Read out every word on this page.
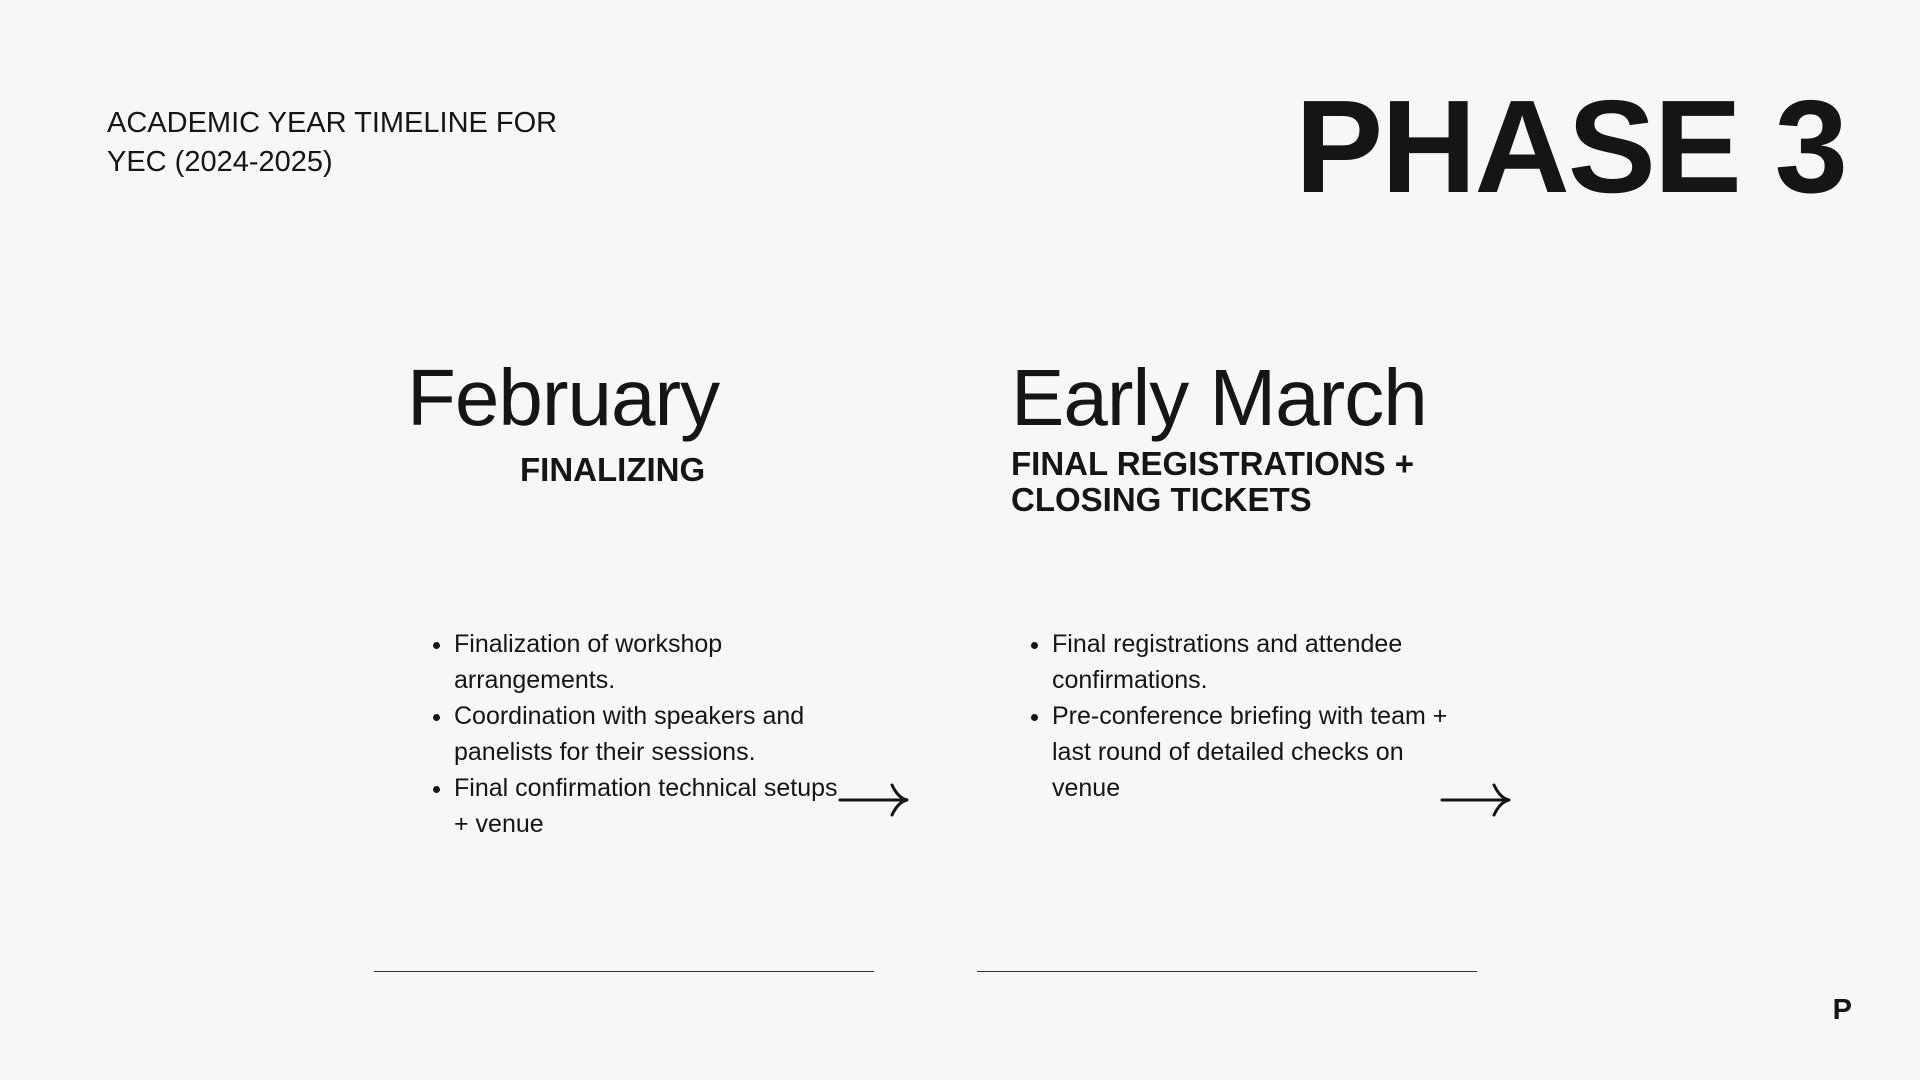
ACADEMIC YEAR TIMELINE FOR
YEC (2024-2025)	PHASE 3
February
FINALIZING
• Finalization of workshop arrangements.
• Coordination with speakers and panelists for their sessions.
• Final confirmation technical setups + venue
Early March
FINAL REGISTRATIONS +
CLOSING TICKETS
• Final registrations and attendee confirmations.
• Pre-conference briefing with team + last round of detailed checks on venue
P
